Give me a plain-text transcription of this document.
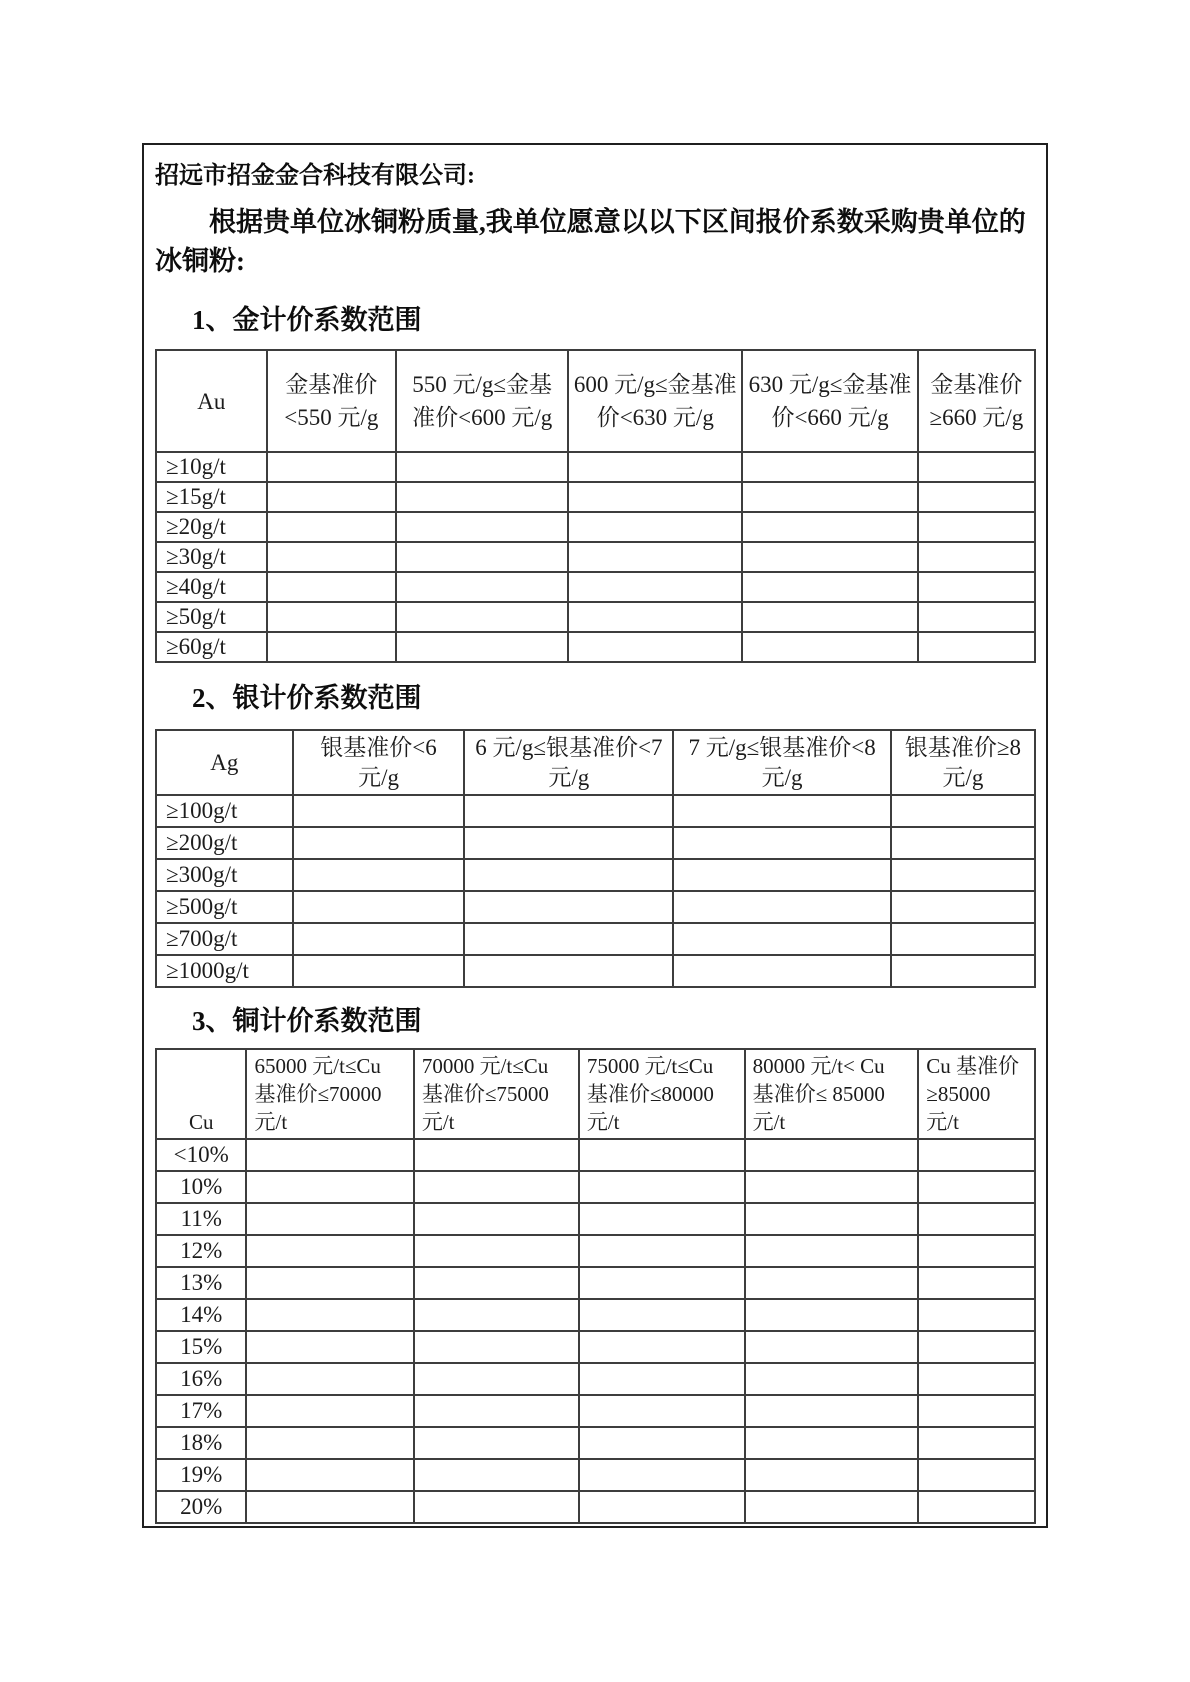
招远市招金金合科技有限公司:

根据贵单位冰铜粉质量,我单位愿意以以下区间报价系数采购贵单位的冰铜粉:

1、金计价系数范围

Au	金基准价<550 元/g	550 元/g≤金基准价<600 元/g	600 元/g≤金基准价<630 元/g	630 元/g≤金基准价<660 元/g	金基准价≥660 元/g
≥10g/t					
≥15g/t					
≥20g/t					
≥30g/t					
≥40g/t					
≥50g/t					
≥60g/t					

2、银计价系数范围

Ag	银基准价<6 元/g	6 元/g≤银基准价<7 元/g	7 元/g≤银基准价<8 元/g	银基准价≥8 元/g
≥100g/t				
≥200g/t				
≥300g/t				
≥500g/t				
≥700g/t				
≥1000g/t				

3、铜计价系数范围

Cu	65000 元/t≤Cu 基准价≤70000 元/t	70000 元/t≤Cu 基准价≤75000 元/t	75000 元/t≤Cu 基准价≤80000 元/t	80000 元/t< Cu 基准价≤ 85000 元/t	Cu 基准价≥85000 元/t
<10%					
10%					
11%					
12%					
13%					
14%					
15%					
16%					
17%					
18%					
19%					
20%					
